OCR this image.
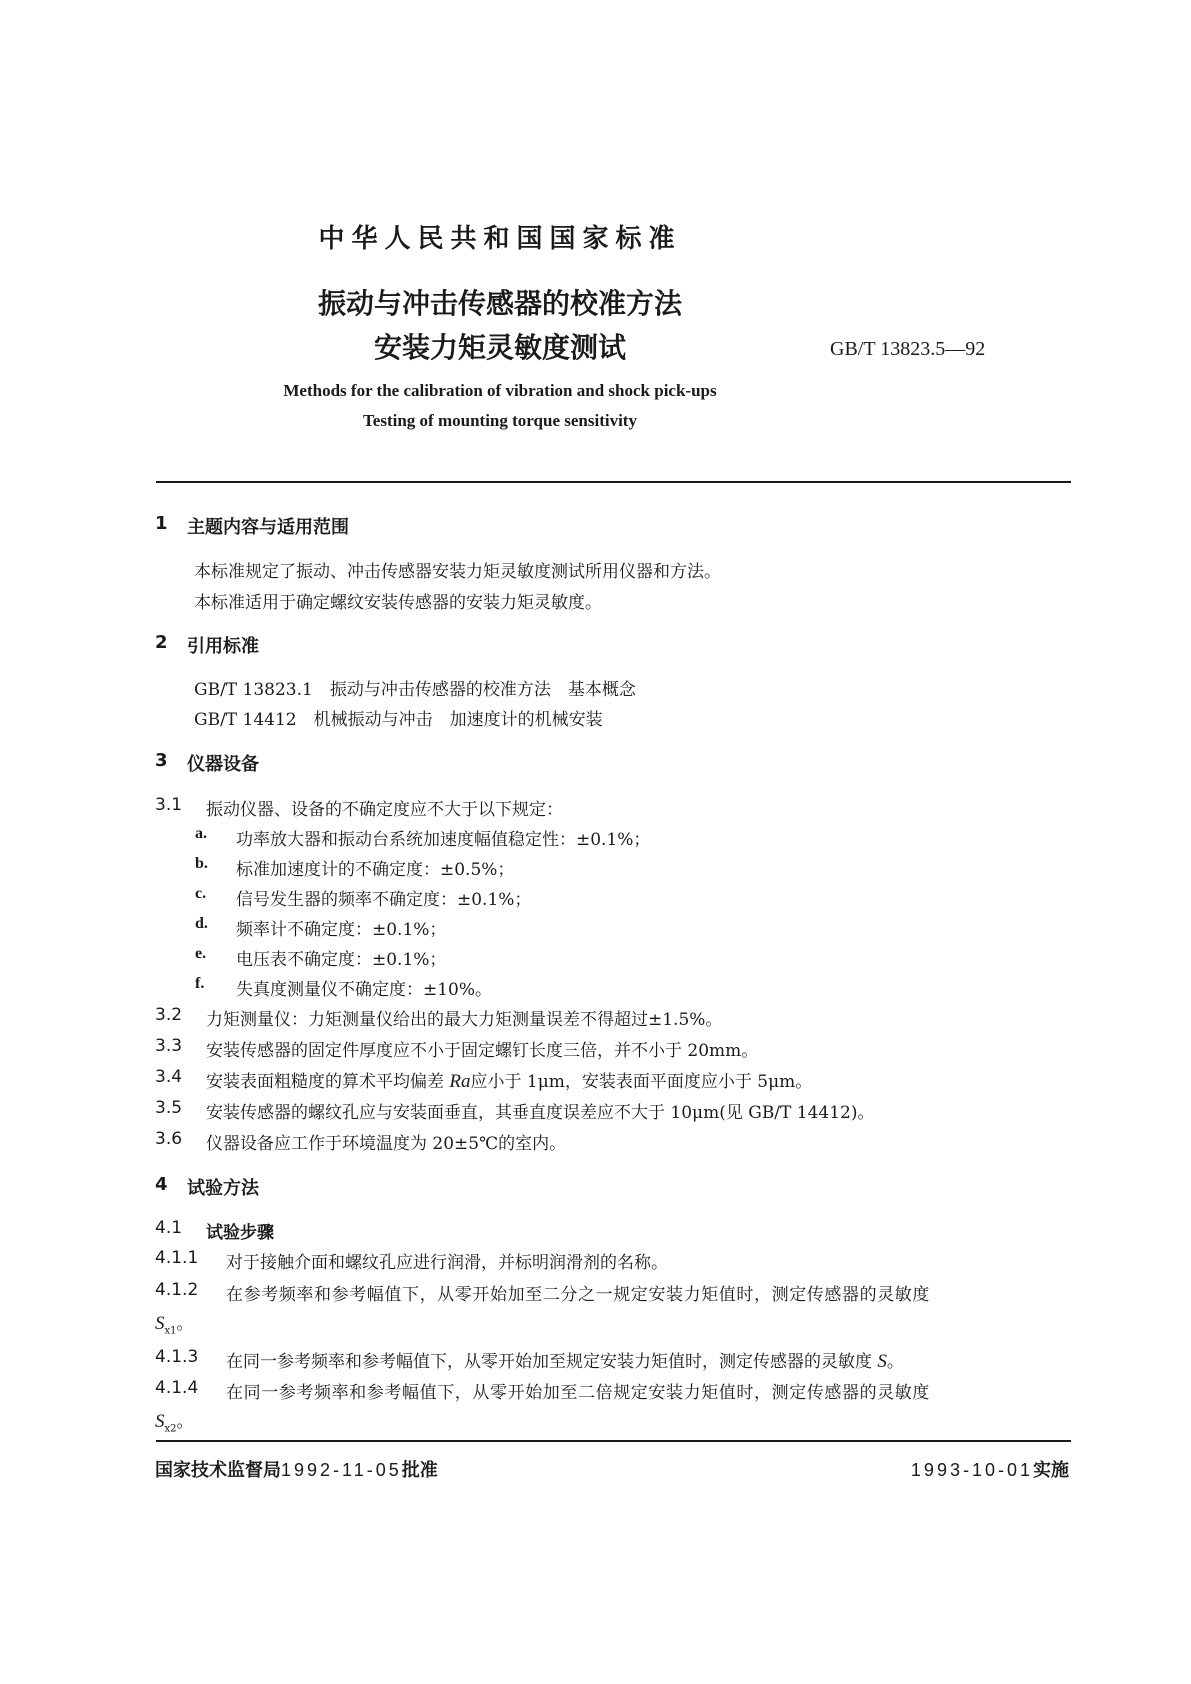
中华人民共和国国家标准
振动与冲击传感器的校准方法
安装力矩灵敏度测试	GB/T 13823.5—92
Methods for the calibration of vibration and shock pick-ups
Testing of mounting torque sensitivity
1 主题内容与适用范围
本标准规定了振动、冲击传感器安装力矩灵敏度测试所用仪器和方法。
本标准适用于确定螺纹安装传感器的安装力矩灵敏度。
2 引用标准
GB/T 13823.1　振动与冲击传感器的校准方法　基本概念
GB/T 14412　机械振动与冲击　加速度计的机械安装
3 仪器设备
3.1 振动仪器、设备的不确定度应不大于以下规定：
a. 功率放大器和振动台系统加速度幅值稳定性：±0.1%；
b. 标准加速度计的不确定度：±0.5%；
c. 信号发生器的频率不确定度：±0.1%；
d. 频率计不确定度：±0.1%；
e. 电压表不确定度：±0.1%；
f. 失真度测量仪不确定度：±10%。
3.2 力矩测量仪：力矩测量仪给出的最大力矩测量误差不得超过±1.5%。
3.3 安装传感器的固定件厚度应不小于固定螺钉长度三倍，并不小于 20mm。
3.4 安装表面粗糙度的算术平均偏差 Ra应小于 1μm，安装表面平面度应小于 5μm。
3.5 安装传感器的螺纹孔应与安装面垂直，其垂直度误差应不大于 10μm(见 GB/T 14412)。
3.6 仪器设备应工作于环境温度为 20±5℃的室内。
4 试验方法
4.1 试验步骤
4.1.1 对于接触介面和螺纹孔应进行润滑，并标明润滑剂的名称。
4.1.2 在参考频率和参考幅值下，从零开始加至二分之一规定安装力矩值时，测定传感器的灵敏度
$S_{x1}$。
4.1.3 在同一参考频率和参考幅值下，从零开始加至规定安装力矩值时，测定传感器的灵敏度 S。
4.1.4 在同一参考频率和参考幅值下，从零开始加至二倍规定安装力矩值时，测定传感器的灵敏度
$S_{x2}$。
国家技术监督局1992-11-05批准	1993-10-01实施
